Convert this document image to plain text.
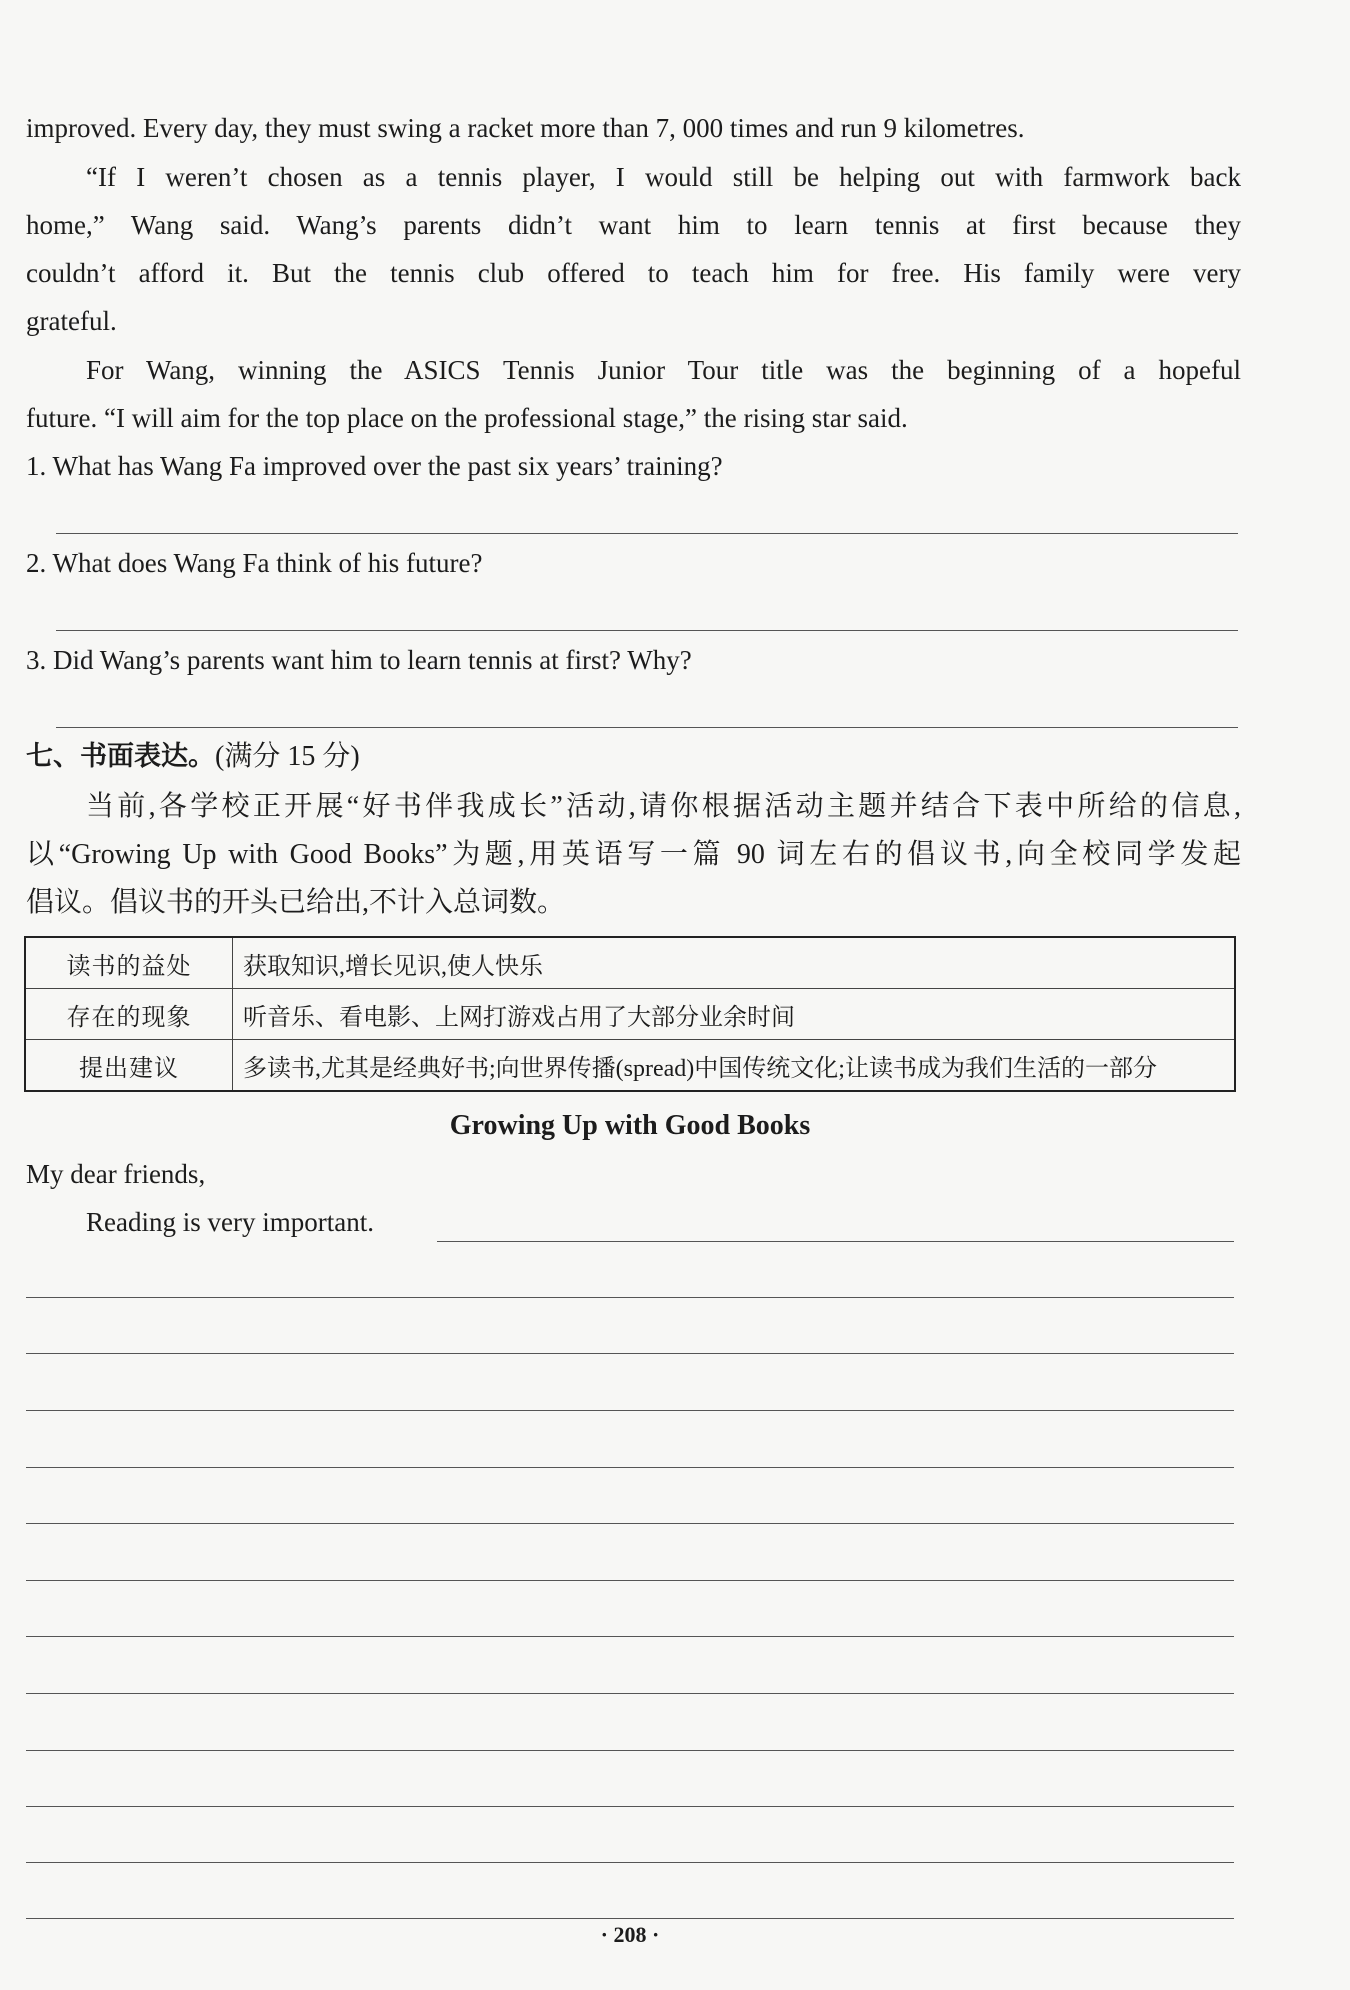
improved. Every day, they must swing a racket more than 7, 000 times and run 9 kilometres.
“If I weren’t chosen as a tennis player, I would still be helping out with farmwork back
home,” Wang said. Wang’s parents didn’t want him to learn tennis at first because they
couldn’t afford it. But the tennis club offered to teach him for free. His family were very
grateful.
For Wang, winning the ASICS Tennis Junior Tour title was the beginning of a hopeful
future. “I will aim for the top place on the professional stage,” the rising star said.
1. What has Wang Fa improved over the past six years’ training?
2. What does Wang Fa think of his future?
3. Did Wang’s parents want him to learn tennis at first? Why?
七、书面表达。(满分 15 分)
当前,各学校正开展“好书伴我成长”活动,请你根据活动主题并结合下表中所给的信息,
以“Growing Up with Good Books”为题,用英语写一篇 90 词左右的倡议书,向全校同学发起
倡议。倡议书的开头已给出,不计入总词数。
读书的益处	获取知识,增长见识,使人快乐
存在的现象	听音乐、看电影、上网打游戏占用了大部分业余时间
提出建议	多读书,尤其是经典好书;向世界传播(spread)中国传统文化;让读书成为我们生活的一部分
Growing Up with Good Books
My dear friends,
Reading is very important.
· 208 ·
